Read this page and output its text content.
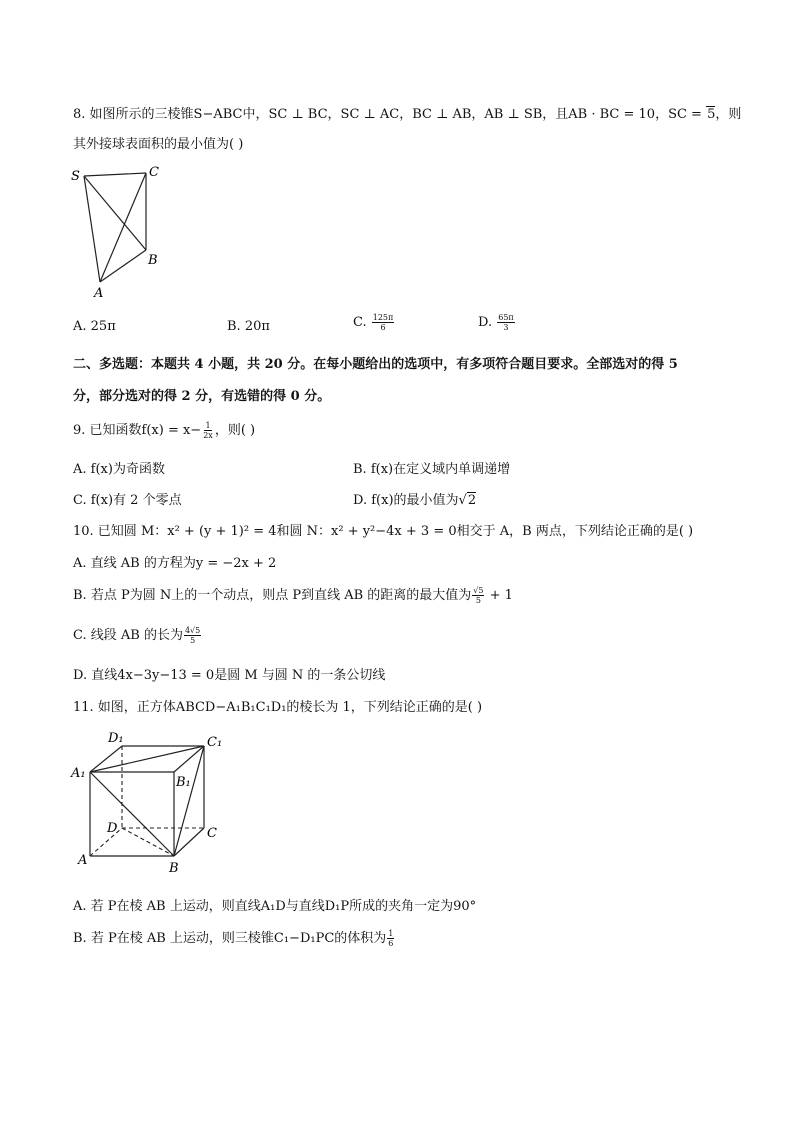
8. 如图所示的三棱锥S−ABC中，SC ⊥ BC，SC ⊥ AC，BC ⊥ AB，AB ⊥ SB，且AB · BC = 10，SC = 5，则
其外接球表面积的最小值为( )
S	C
B
A
A. 25π	B. 20π	C. $\frac{125\pi}{6}$	D. $\frac{65\pi}{3}$
二、多选题：本题共 4 小题，共 20 分。在每小题给出的选项中，有多项符合题目要求。全部选对的得 5
分，部分选对的得 2 分，有选错的得 0 分。
9. 已知函数$f(x) = x- \frac{1}{2x}$ ，则( )
A. f(x)为奇函数	B. f(x)在定义域内单调递增
C. f(x)有 2 个零点	D. f(x)的最小值为√2
10. 已知圆 M：x² + (y + 1)² = 4和圆 N：x² + y²−4x + 3 = 0相交于 A，B 两点，下列结论正确的是( )
A. 直线 AB 的方程为y = −2x + 2
B. 若点 P为圆 N上的一个动点，则点 P到直线 AB 的距离的最大值为 $\frac{√5}{5} + 1$
C. 线段 AB 的长为 $\frac{4√5}{5}$
D. 直线4x−3y−13 = 0是圆 M 与圆 N 的一条公切线
11. 如图，正方体ABCD−A₁B₁C₁D₁的棱长为 1，下列结论正确的是( )
D₁	C₁
A₁
B₁
D	C
A
B
A. 若 P在棱 AB 上运动，则直线A₁D与直线D₁P所成的夹角一定为90°
B. 若 P在棱 AB 上运动，则三棱锥C₁−D₁PC的体积为 $\frac{1}{6}$
